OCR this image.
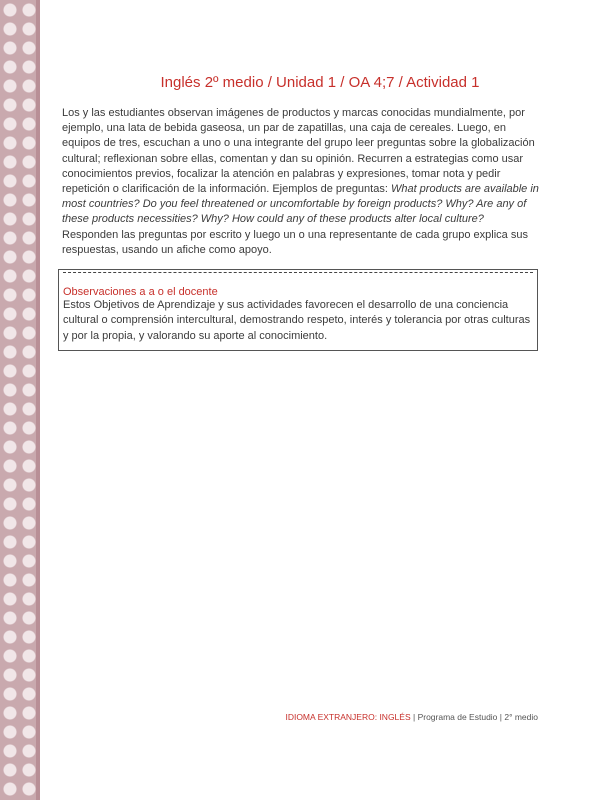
Inglés 2º medio / Unidad 1 / OA 4;7 / Actividad 1

Los y las estudiantes observan imágenes de productos y marcas conocidas mundialmente, por ejemplo, una lata de bebida gaseosa, un par de zapatillas, una caja de cereales. Luego, en equipos de tres, escuchan a uno o una integrante del grupo leer preguntas sobre la globalización cultural; reflexionan sobre ellas, comentan y dan su opinión. Recurren a estrategias como usar conocimientos previos, focalizar la atención en palabras y expresiones, tomar nota y pedir repetición o clarificación de la información. Ejemplos de preguntas: What products are available in most countries? Do you feel threatened or uncomfortable by foreign products? Why? Are any of these products necessities? Why? How could any of these products alter local culture? Responden las preguntas por escrito y luego un o una representante de cada grupo explica sus respuestas, usando un afiche como apoyo.

Observaciones a a o el docente

Estos Objetivos de Aprendizaje y sus actividades favorecen el desarrollo de una conciencia cultural o comprensión intercultural, demostrando respeto, interés y tolerancia por otras culturas y por la propia, y valorando su aporte al conocimiento.

IDIOMA EXTRANJERO: INGLÉS | Programa de Estudio | 2° medio
